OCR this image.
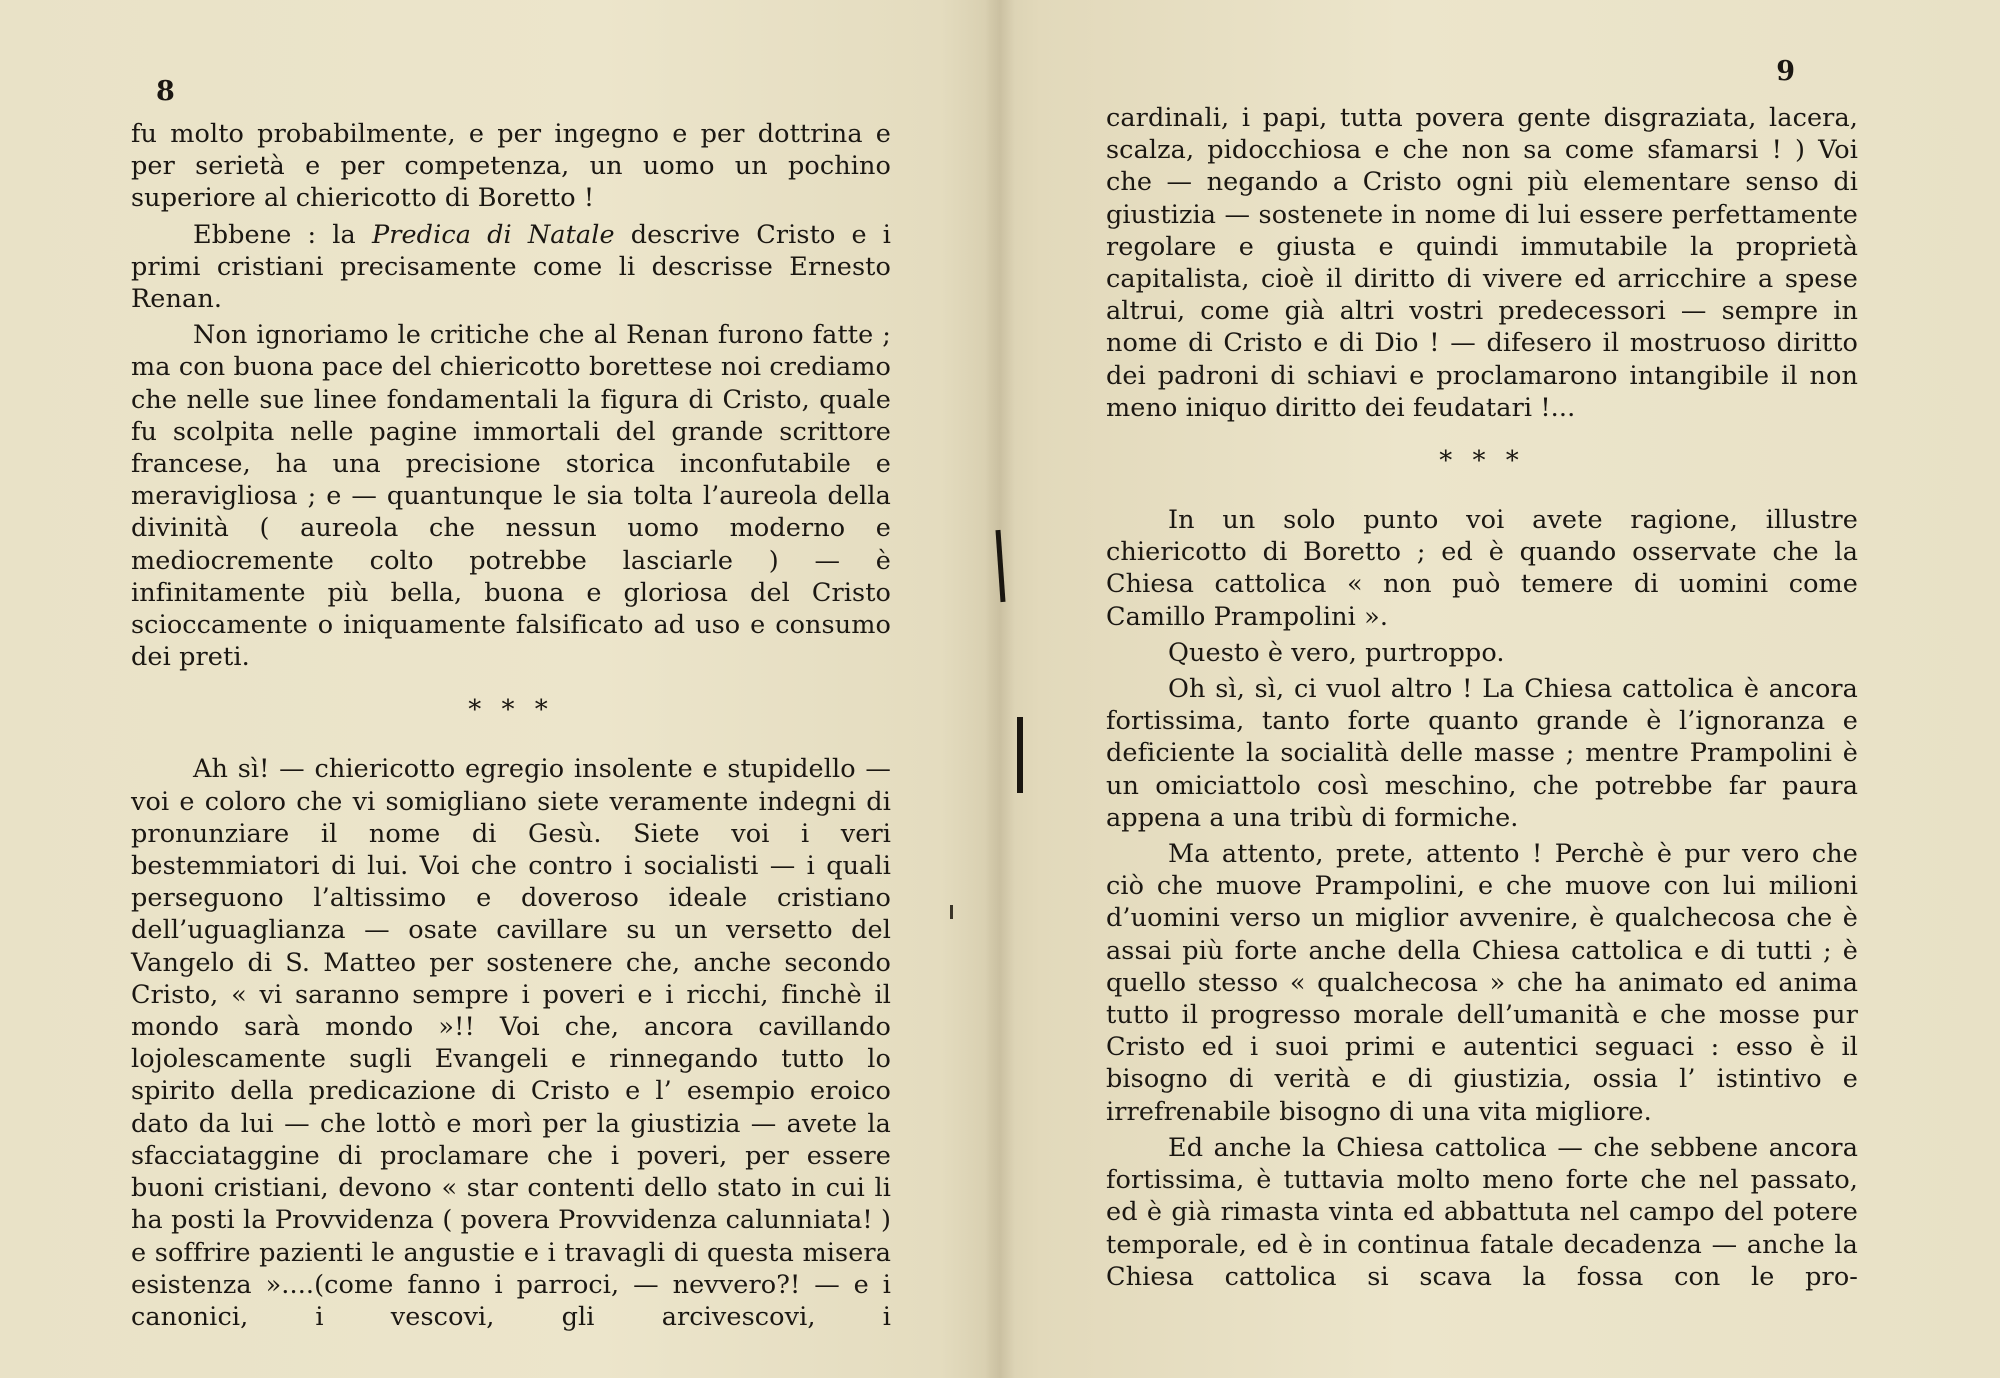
8

fu molto probabilmente, e per ingegno e per dottrina e per serietà e per competenza, un uomo un pochino superiore al chiericotto di Boretto !

Ebbene : la Predica di Natale descrive Cristo e i primi cristiani precisamente come li descrisse Ernesto Renan.

Non ignoriamo le critiche che al Renan furono fatte ; ma con buona pace del chiericotto borettese noi crediamo che nelle sue linee fondamentali la figura di Cristo, quale fu scolpita nelle pagine immortali del grande scrittore francese, ha una precisione storica inconfutabile e meravigliosa ; e — quantunque le sia tolta l’aureola della divinità ( aureola che nessun uomo moderno e mediocremente colto potrebbe lasciarle ) — è infinitamente più bella, buona e gloriosa del Cristo scioccamente o iniquamente falsificato ad uso e consumo dei preti.

* * *

Ah sì! — chiericotto egregio insolente e stupidello — voi e coloro che vi somigliano siete veramente indegni di pronunziare il nome di Gesù. Siete voi i veri bestemmiatori di lui. Voi che contro i socialisti — i quali perseguono l’altissimo e doveroso ideale cristiano dell’uguaglianza — osate cavillare su un versetto del Vangelo di S. Matteo per sostenere che, anche secondo Cristo, « vi saranno sempre i poveri e i ricchi, finchè il mondo sarà mondo »!! Voi che, ancora cavillando lojolescamente sugli Evangeli e rinnegando tutto lo spirito della predicazione di Cristo e l’ esempio eroico dato da lui — che lottò e morì per la giustizia — avete la sfacciataggine di proclamare che i poveri, per essere buoni cristiani, devono « star contenti dello stato in cui li ha posti la Provvidenza ( povera Provvidenza calunniata! ) e soffrire pazienti le angustie e i travagli di questa misera esistenza »....(come fanno i parroci, — nevvero?! — e i canonici, i vescovi, gli arcivescovi, i

9

cardinali, i papi, tutta povera gente disgraziata, lacera, scalza, pidocchiosa e che non sa come sfamarsi ! ) Voi che — negando a Cristo ogni più elementare senso di giustizia — sostenete in nome di lui essere perfettamente regolare e giusta e quindi immutabile la proprietà capitalista, cioè il diritto di vivere ed arricchire a spese altrui, come già altri vostri predecessori — sempre in nome di Cristo e di Dio ! — difesero il mostruoso diritto dei padroni di schiavi e proclamarono intangibile il non meno iniquo diritto dei feudatari !...

* * *

In un solo punto voi avete ragione, illustre chiericotto di Boretto ; ed è quando osservate che la Chiesa cattolica « non può temere di uomini come Camillo Prampolini ».

Questo è vero, purtroppo.

Oh sì, sì, ci vuol altro ! La Chiesa cattolica è ancora fortissima, tanto forte quanto grande è l’ignoranza e deficiente la socialità delle masse ; mentre Prampolini è un omiciattolo così meschino, che potrebbe far paura appena a una tribù di formiche.

Ma attento, prete, attento ! Perchè è pur vero che ciò che muove Prampolini, e che muove con lui milioni d’uomini verso un miglior avvenire, è qualchecosa che è assai più forte anche della Chiesa cattolica e di tutti ; è quello stesso « qualchecosa » che ha animato ed anima tutto il progresso morale dell’umanità e che mosse pur Cristo ed i suoi primi e autentici seguaci : esso è il bisogno di verità e di giustizia, ossia l’ istintivo e irrefrenabile bisogno di una vita migliore.

Ed anche la Chiesa cattolica — che sebbene ancora fortissima, è tuttavia molto meno forte che nel passato, ed è già rimasta vinta ed abbattuta nel campo del potere temporale, ed è in continua fatale decadenza — anche la Chiesa cattolica si scava la fossa con le pro-
